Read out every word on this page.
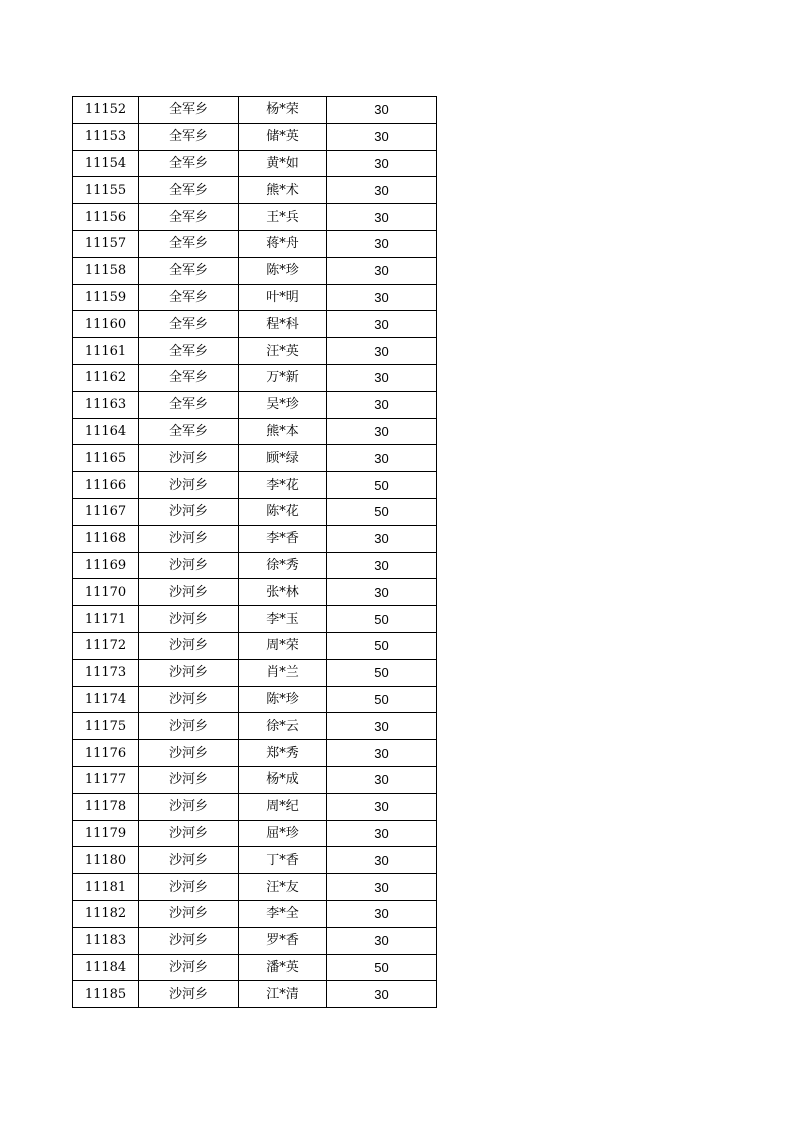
11152	全军乡	杨*荣	30
11153	全军乡	储*英	30
11154	全军乡	黄*如	30
11155	全军乡	熊*术	30
11156	全军乡	王*兵	30
11157	全军乡	蒋*舟	30
11158	全军乡	陈*珍	30
11159	全军乡	叶*明	30
11160	全军乡	程*科	30
11161	全军乡	汪*英	30
11162	全军乡	万*新	30
11163	全军乡	吴*珍	30
11164	全军乡	熊*本	30
11165	沙河乡	顾*绿	30
11166	沙河乡	李*花	50
11167	沙河乡	陈*花	50
11168	沙河乡	李*香	30
11169	沙河乡	徐*秀	30
11170	沙河乡	张*林	30
11171	沙河乡	李*玉	50
11172	沙河乡	周*荣	50
11173	沙河乡	肖*兰	50
11174	沙河乡	陈*珍	50
11175	沙河乡	徐*云	30
11176	沙河乡	郑*秀	30
11177	沙河乡	杨*成	30
11178	沙河乡	周*纪	30
11179	沙河乡	屈*珍	30
11180	沙河乡	丁*香	30
11181	沙河乡	汪*友	30
11182	沙河乡	李*全	30
11183	沙河乡	罗*香	30
11184	沙河乡	潘*英	50
11185	沙河乡	江*清	30
